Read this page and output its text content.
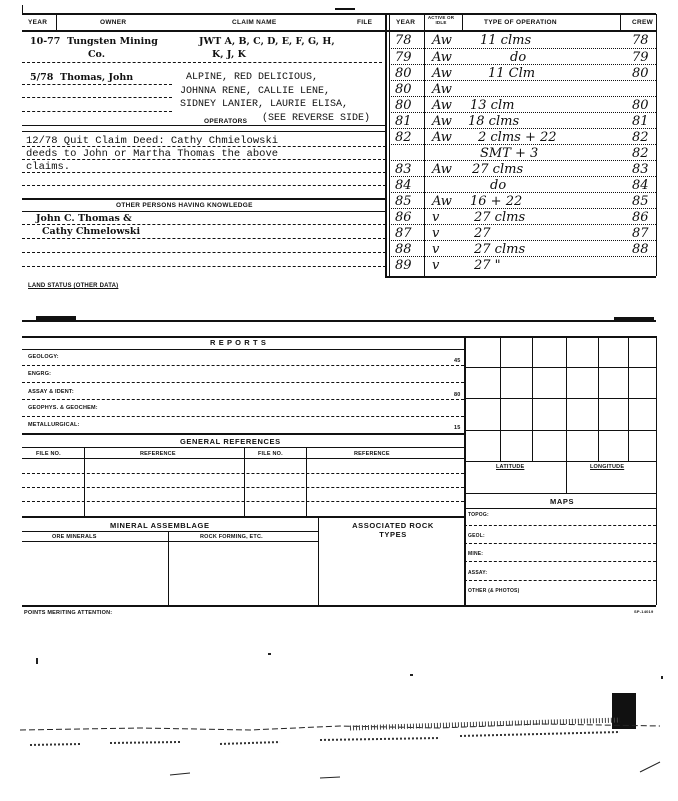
YEAR	OWNER	CLAIM NAME	FILE	YEAR
ACTIVE OR IDLE	TYPE OF OPERATION	CREW
10-77 Tungsten Mining	JWT A, B, C, D, E, F, G, H,
Co.	K, J, K
5/78 Thomas, John	ALPINE, RED DELICIOUS,
JOHNNA RENE, CALLIE LENE,
SIDNEY LANIER, LAURIE ELISA,
OPERATORS (SEE REVERSE SIDE)
12/78 Quit Claim Deed: Cathy Chmielowski
deeds to John or Martha Thomas the above
claims.
OTHER PERSONS HAVING KNOWLEDGE
John C. Thomas &
Cathy Chmelowski
78 Aw 11 clms	78
79 Aw	do	79
80 Aw	11 Clm	80
80 Aw
80 Aw 13 clm	80
81 Aw 18 clms	81
82 Aw 2 clms + 22	82
SMT + 3	82
83 Aw 27 clms	83
84	do	84
85 Aw 16 + 22	85
86 v	27 clms	86
87 v	27	87
88 v	27 clms	88
89 v	27 "
LAND STATUS (OTHER DATA)
R E P O R T S
GEOLOGY:
45
ENGRG:
ASSAY & IDENT:	80
GEOPHYS. & GEOCHEM:
METALLURGICAL:	15
GENERAL REFERENCES
FILE NO.	REFERENCE	FILE NO.	REFERENCE
MINERAL ASSEMBLAGE
ORE MINERALS	ROCK FORMING, ETC.
ASSOCIATED ROCK TYPES
LATITUDE	LONGITUDE
MAPS
TOPOG:
GEOL:
MINE:
ASSAY:
OTHER (& PHOTOS)
POINTS MERITING ATTENTION:	SP-14019
